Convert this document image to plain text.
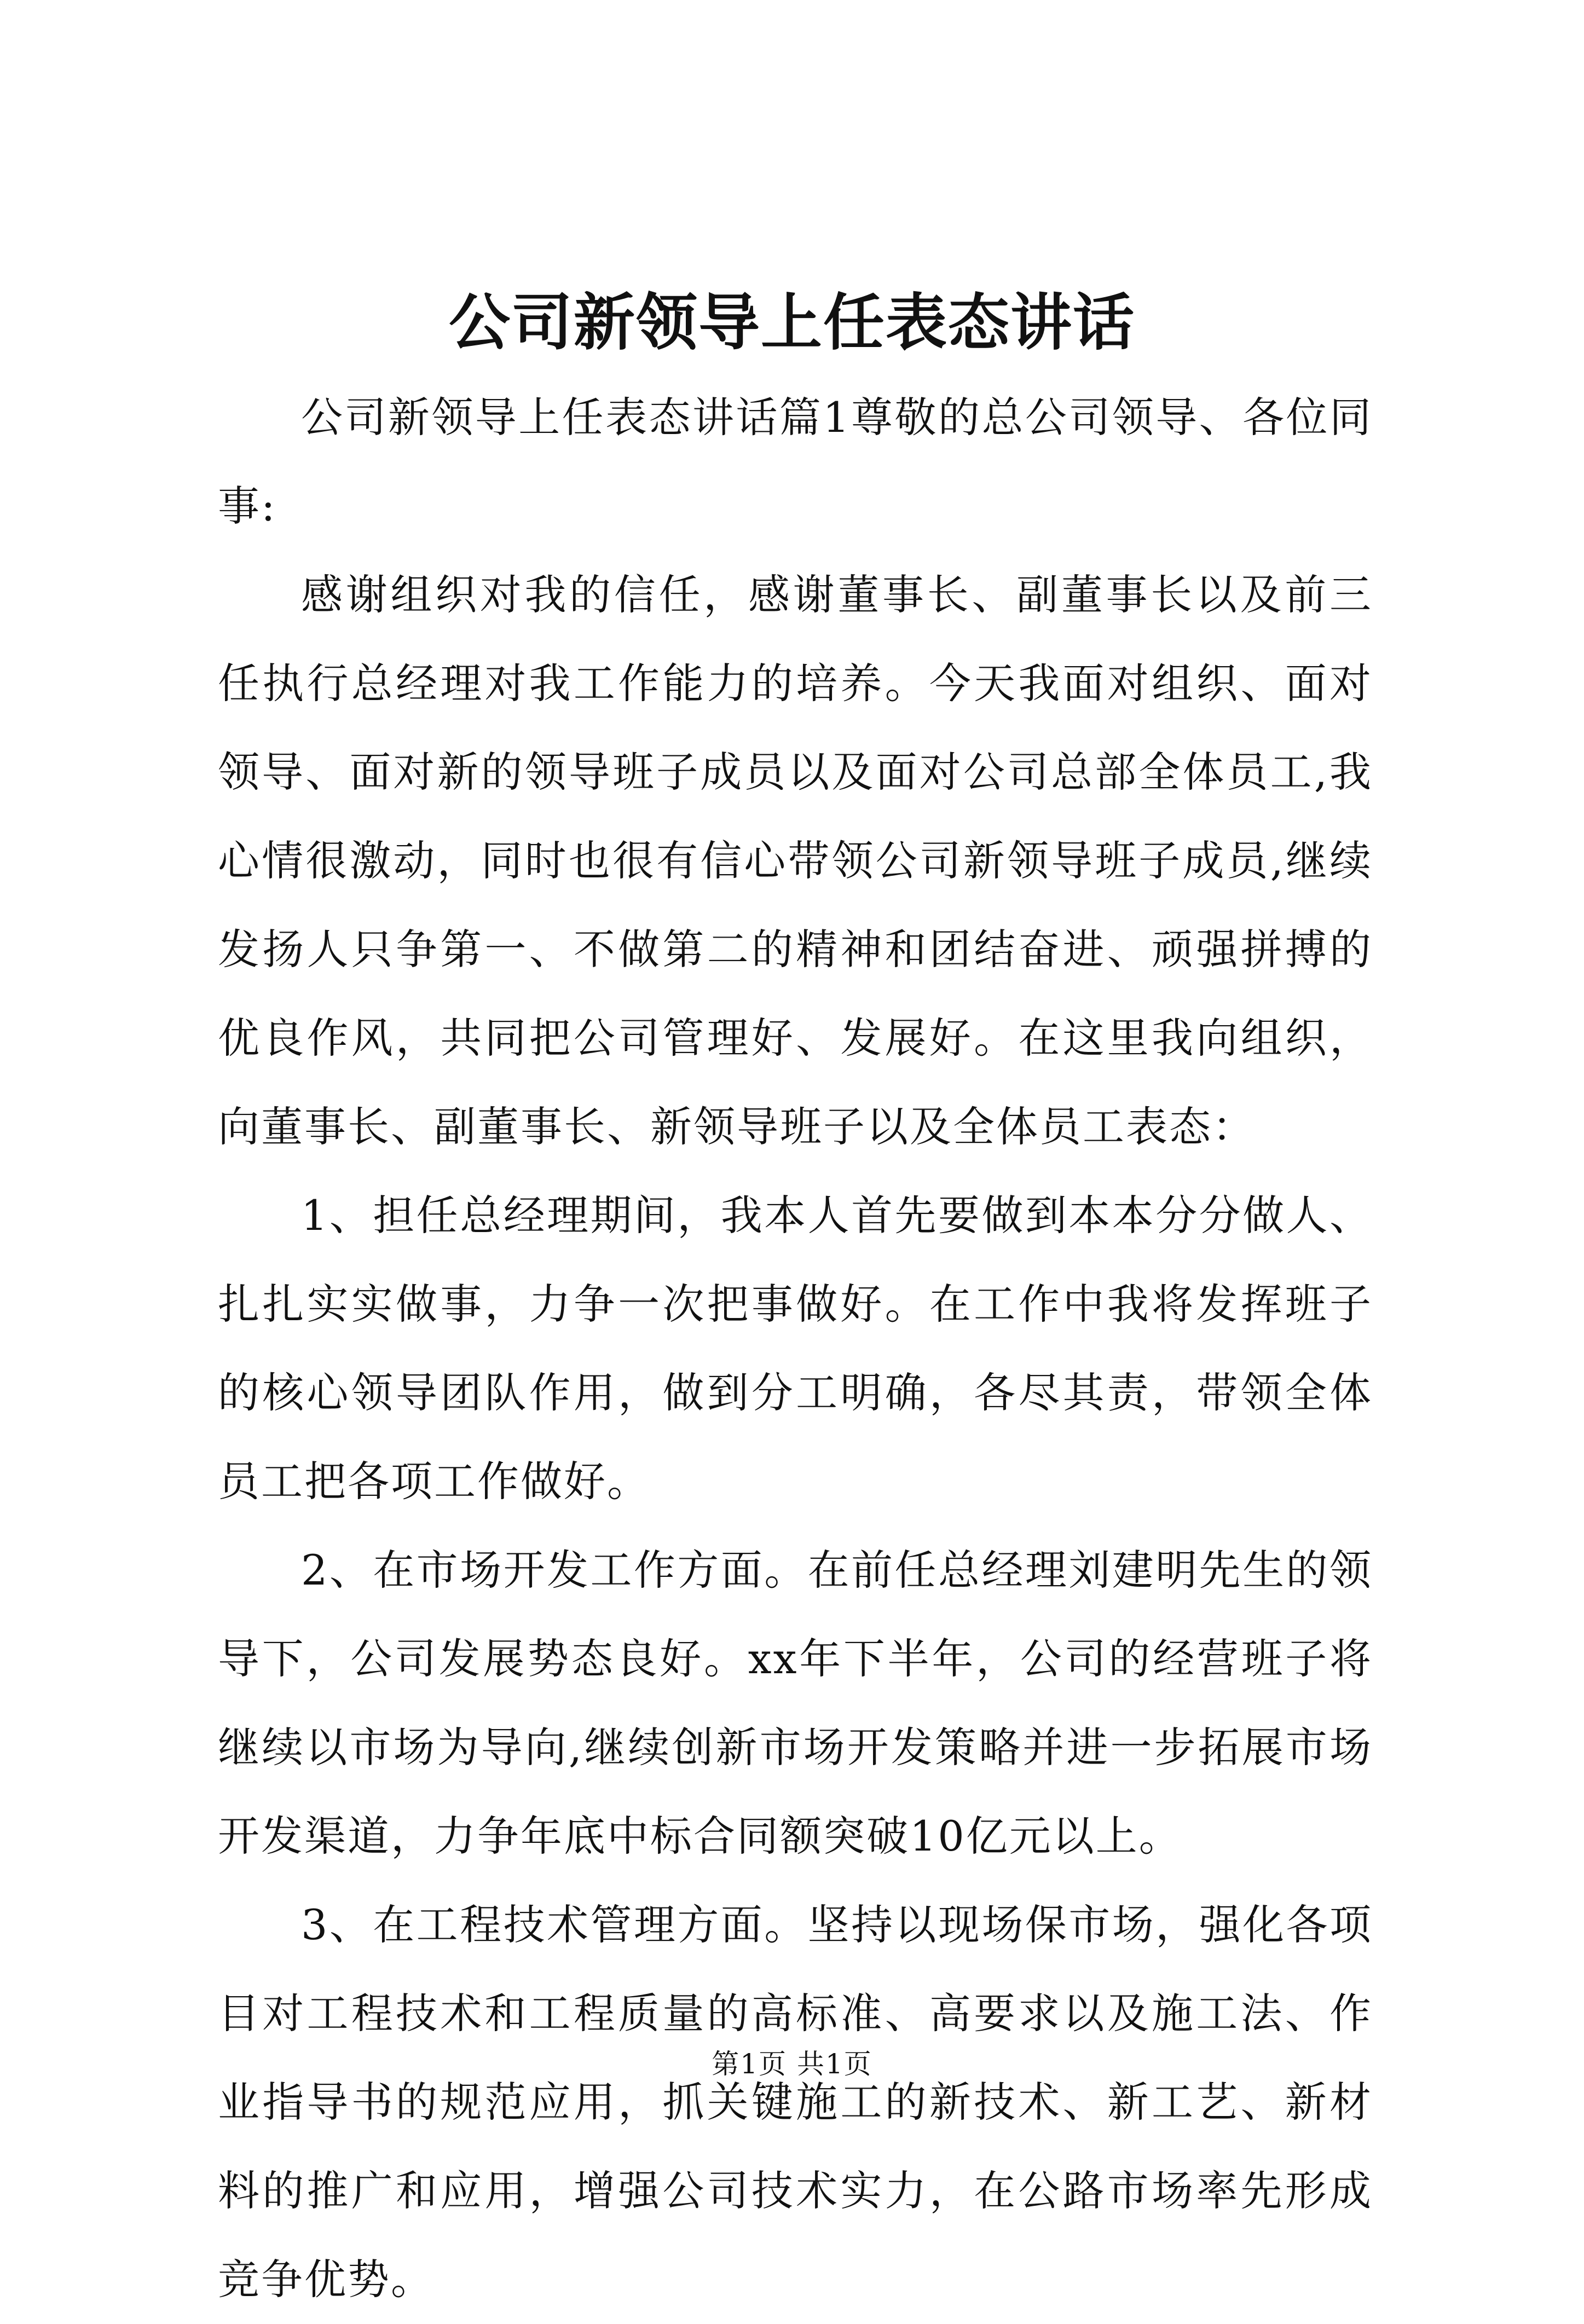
公司新领导上任表态讲话

公司新领导上任表态讲话篇1尊敬的总公司领导、各位同事:

感谢组织对我的信任，感谢董事长、副董事长以及前三任执行总经理对我工作能力的培养。今天我面对组织、面对领导、面对新的领导班子成员以及面对公司总部全体员工,我心情很激动，同时也很有信心带领公司新领导班子成员,继续发扬人只争第一、不做第二的精神和团结奋进、顽强拼搏的优良作风，共同把公司管理好、发展好。在这里我向组织，向董事长、副董事长、新领导班子以及全体员工表态：

1、担任总经理期间，我本人首先要做到本本分分做人、扎扎实实做事，力争一次把事做好。在工作中我将发挥班子的核心领导团队作用，做到分工明确，各尽其责，带领全体员工把各项工作做好。

2、在市场开发工作方面。在前任总经理刘建明先生的领导下，公司发展势态良好。xx年下半年，公司的经营班子将继续以市场为导向,继续创新市场开发策略并进一步拓展市场开发渠道，力争年底中标合同额突破10亿元以上。

3、在工程技术管理方面。坚持以现场保市场，强化各项目对工程技术和工程质量的高标准、高要求以及施工法、作业指导书的规范应用，抓关键施工的新技术、新工艺、新材料的推广和应用，增强公司技术实力，在公路市场率先形成竞争优势。

第1页 共1页
